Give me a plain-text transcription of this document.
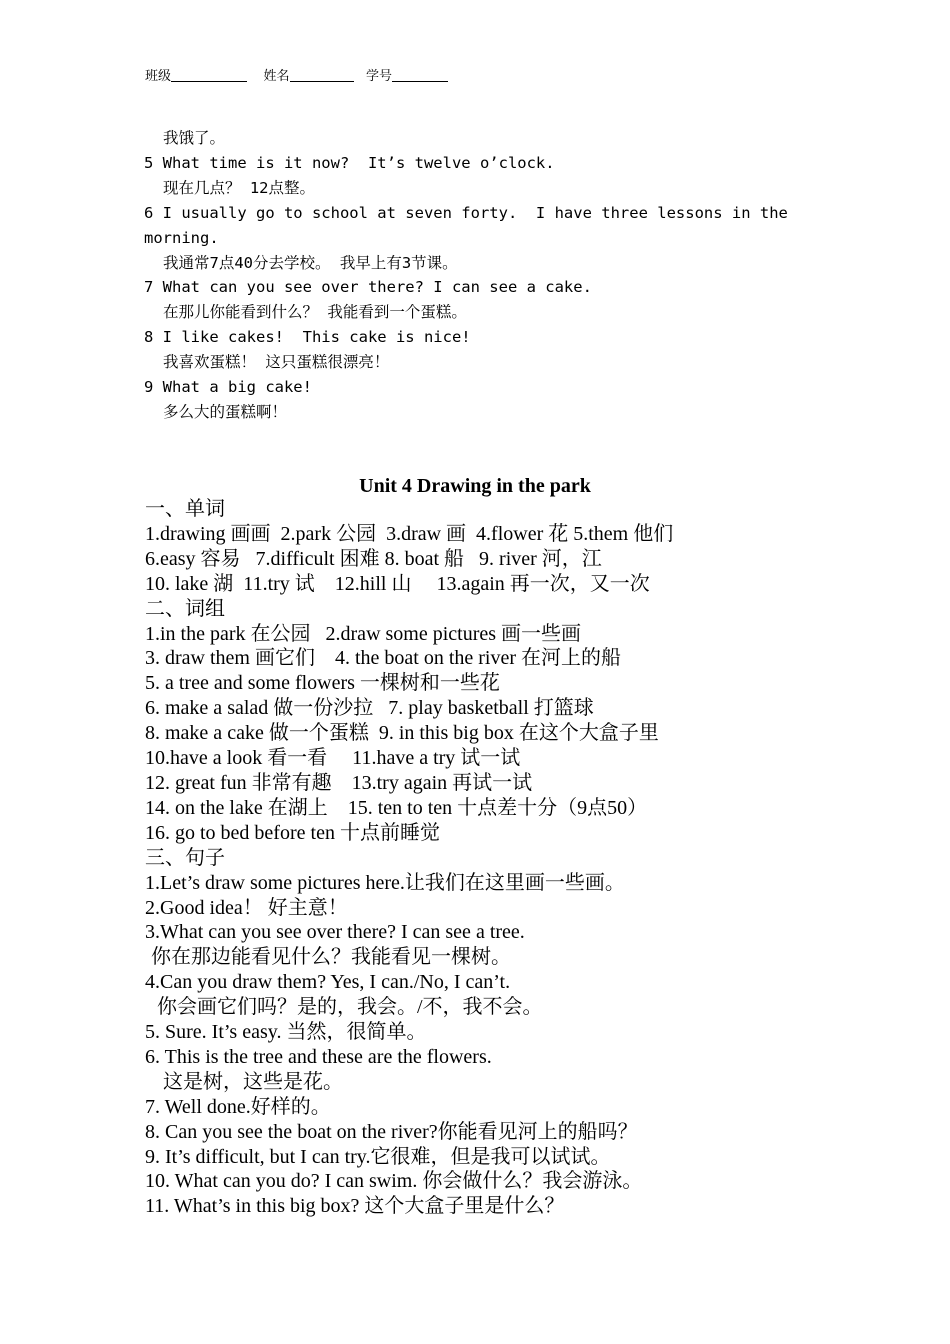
班级	姓名	学号
我饿了。
5 What time is it now?  It’s twelve o’clock.
现在几点？ 12点整。
6 I usually go to school at seven forty.  I have three lessons in the
morning.
我通常7点40分去学校。 我早上有3节课。
7 What can you see over there? I can see a cake.
在那儿你能看到什么？ 我能看到一个蛋糕。
8 I like cakes!  This cake is nice!
我喜欢蛋糕！ 这只蛋糕很漂亮！
9 What a big cake!
多么大的蛋糕啊！
Unit 4 Drawing in the park
一、单词
1.drawing 画画  2.park 公园  3.draw 画  4.flower 花 5.them 他们
6.easy 容易   7.difficult 困难 8. boat 船   9. river 河，江
10. lake 湖  11.try 试    12.hill 山     13.again 再一次，又一次
二、词组
1.in the park 在公园   2.draw some pictures 画一些画
3. draw them 画它们    4. the boat on the river 在河上的船
5. a tree and some flowers 一棵树和一些花
6. make a salad 做一份沙拉   7. play basketball 打篮球
8. make a cake 做一个蛋糕  9. in this big box 在这个大盒子里
10.have a look 看一看     11.have a try 试一试
12. great fun 非常有趣    13.try again 再试一试
14. on the lake 在湖上    15. ten to ten 十点差十分（9点50）
16. go to bed before ten 十点前睡觉
三、句子
1.Let’s draw some pictures here.让我们在这里画一些画。
2.Good idea！ 好主意！
3.What can you see over there? I can see a tree.
你在那边能看见什么？我能看见一棵树。
4.Can you draw them? Yes, I can./No, I can’t.
你会画它们吗？是的，我会。/不，我不会。
5. Sure. It’s easy. 当然，很简单。
6. This is the tree and these are the flowers.
这是树，这些是花。
7. Well done.好样的。
8. Can you see the boat on the river?你能看见河上的船吗？
9. It’s difficult, but I can try.它很难，但是我可以试试。
10. What can you do? I can swim. 你会做什么？我会游泳。
11. What’s in this big box? 这个大盒子里是什么？
